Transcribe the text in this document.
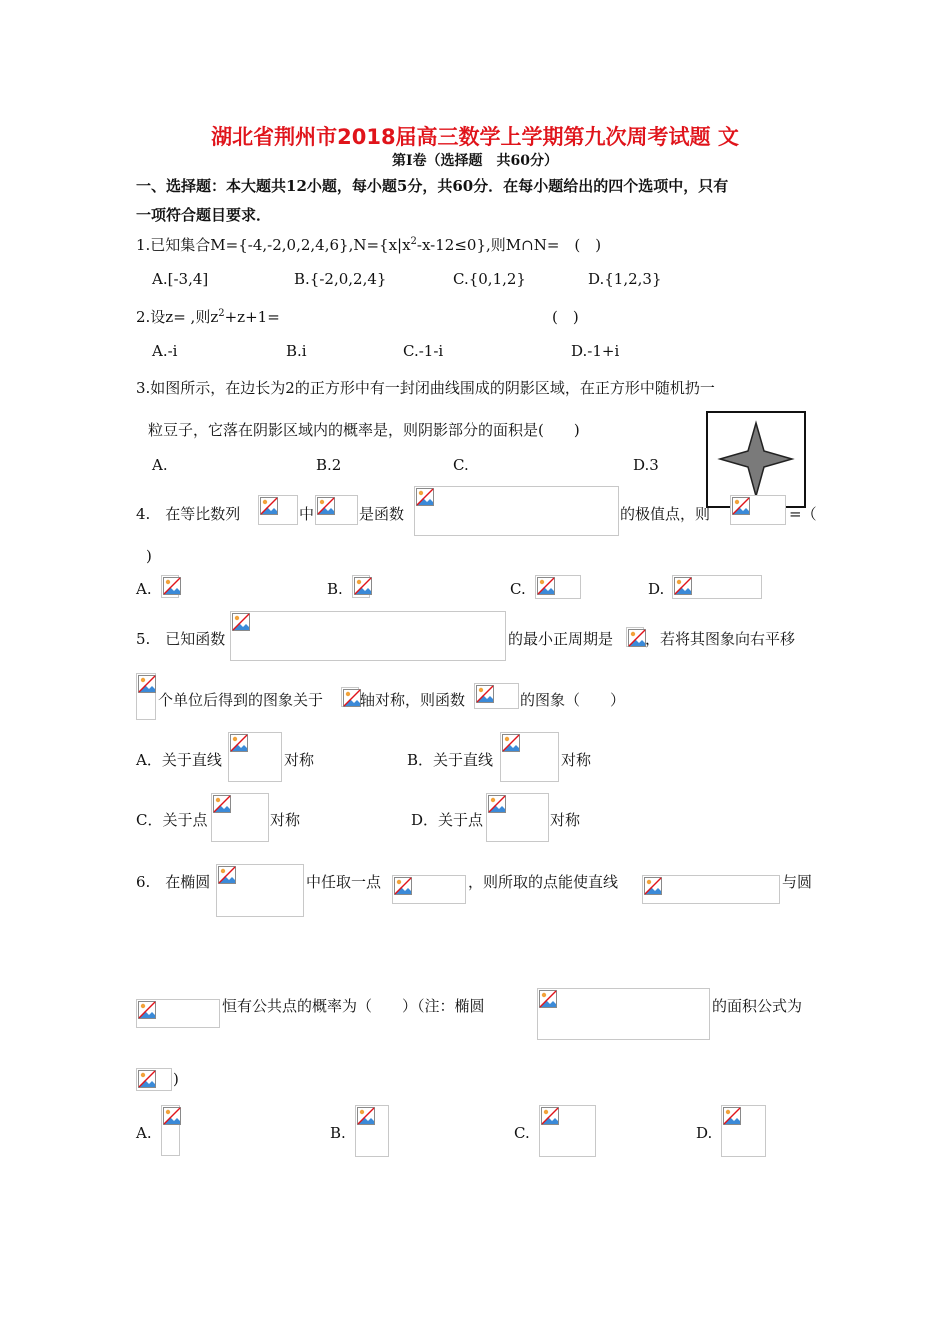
湖北省荆州市2018届高三数学上学期第九次周考试题 文
第I卷（选择题　共60分）
一、选择题：本大题共12小题，每小题5分，共60分．在每小题给出的四个选项中，只有
一项符合题目要求．
1.已知集合$M=\{-4,-2,0,2,4,6\},N=\{x|x^2-x-12\le 0\}$,则M∩N=　(　)
A.[-3,4]	B.{-2,0,2,4}	C.{0,1,2}	D.{1,2,3}
2.设z= ,则$z^2+z+1=$	(　)
A.-i	B.i	C.-1-i	D.-1+i
3.如图所示，在边长为2的正方形中有一封闭曲线围成的阴影区域，在正方形中随机扔一
粒豆子，它落在阴影区域内的概率是，则阴影部分的面积是(　　)
A.	B.2	C.	D.3
4.　在等比数列	中	是函数	的极值点，则	=（
)
A.	B.	C.	D.
5.　已知函数	的最小正周期是 ，若将其图象向右平移
个单位后得到的图象关于 轴对称，则函数	的图象（　　）
A．关于直线	对称	B．关于直线	对称
C．关于点	对称	D．关于点	对称
6.　在椭圆	中任取一点	，则所取的点能使直线	与圆
恒有公共点的概率为（　　）（注：椭圆	的面积公式为
)
A.	B.	C.	D.
